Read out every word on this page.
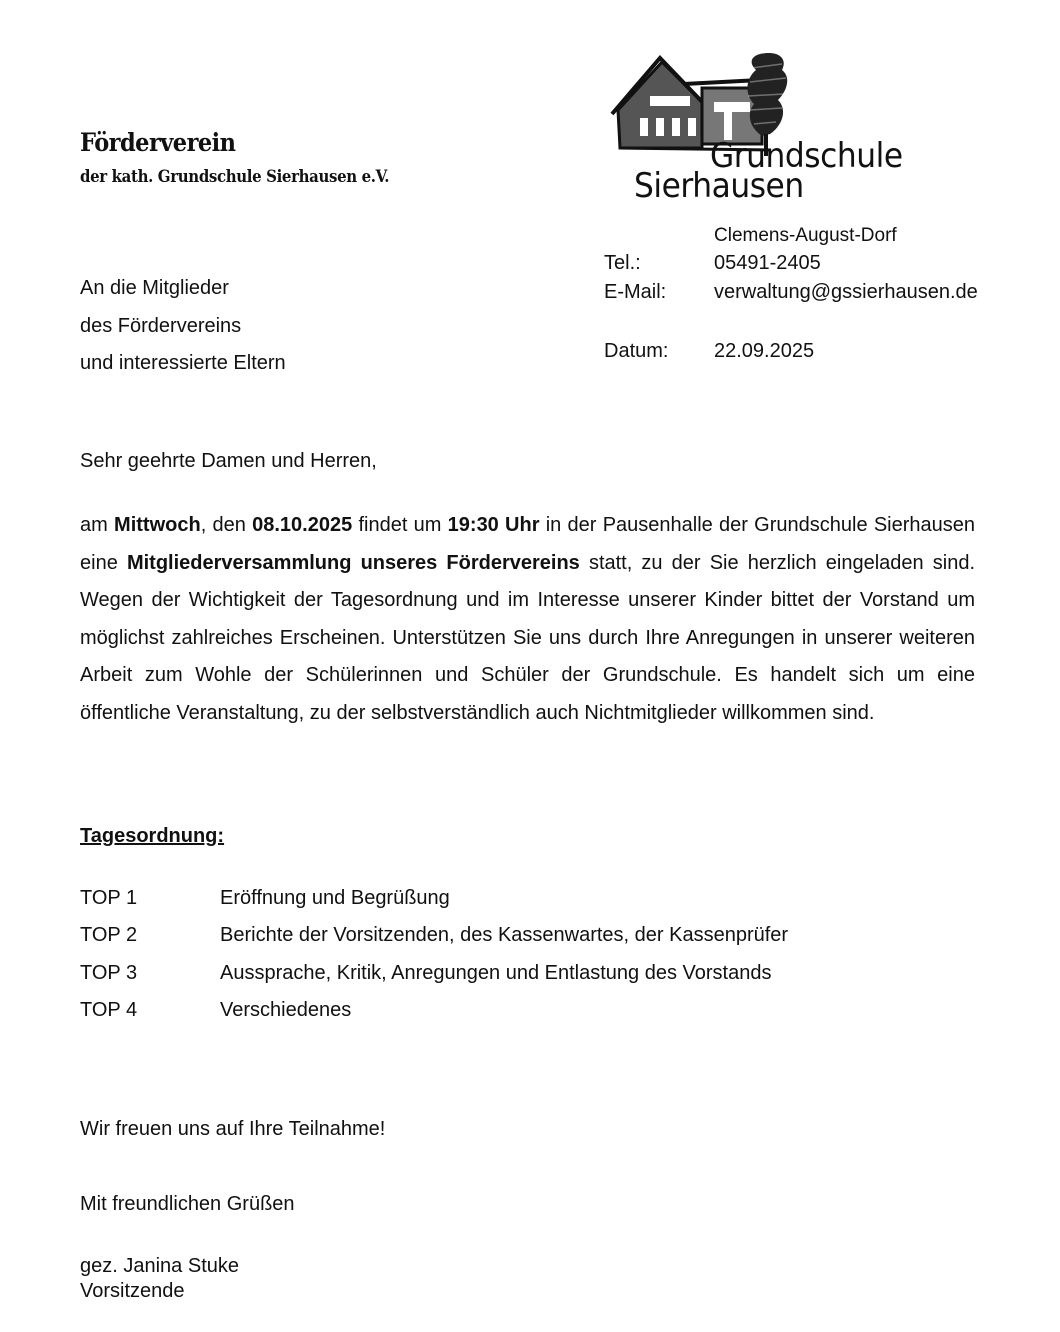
Förderverein
der kath. Grundschule Sierhausen e.V.
Grundschule
Sierhausen
Clemens-August-Dorf
Tel.:	05491-2405
E-Mail: verwaltung@gssierhausen.de
Datum: 22.09.2025
An die Mitglieder
des Fördervereins
und interessierte Eltern
Sehr geehrte Damen und Herren,
am Mittwoch, den 08.10.2025 findet um 19:30 Uhr in der Pausenhalle der Grundschule Sierhausen eine Mitgliederversammlung unseres Fördervereins statt, zu der Sie herzlich eingeladen sind. Wegen der Wichtigkeit der Tagesordnung und im Interesse unserer Kinder bittet der Vorstand um möglichst zahlreiches Erscheinen. Unterstützen Sie uns durch Ihre Anregungen in unserer weiteren Arbeit zum Wohle der Schülerinnen und Schüler der Grundschule. Es handelt sich um eine öffentliche Veranstaltung, zu der selbstverständlich auch Nichtmitglieder willkommen sind.
Tagesordnung:
TOP 1	Eröffnung und Begrüßung
TOP 2	Berichte der Vorsitzenden, des Kassenwartes, der Kassenprüfer
TOP 3	Aussprache, Kritik, Anregungen und Entlastung des Vorstands
TOP 4	Verschiedenes
Wir freuen uns auf Ihre Teilnahme!
Mit freundlichen Grüßen
gez. Janina Stuke
Vorsitzende
